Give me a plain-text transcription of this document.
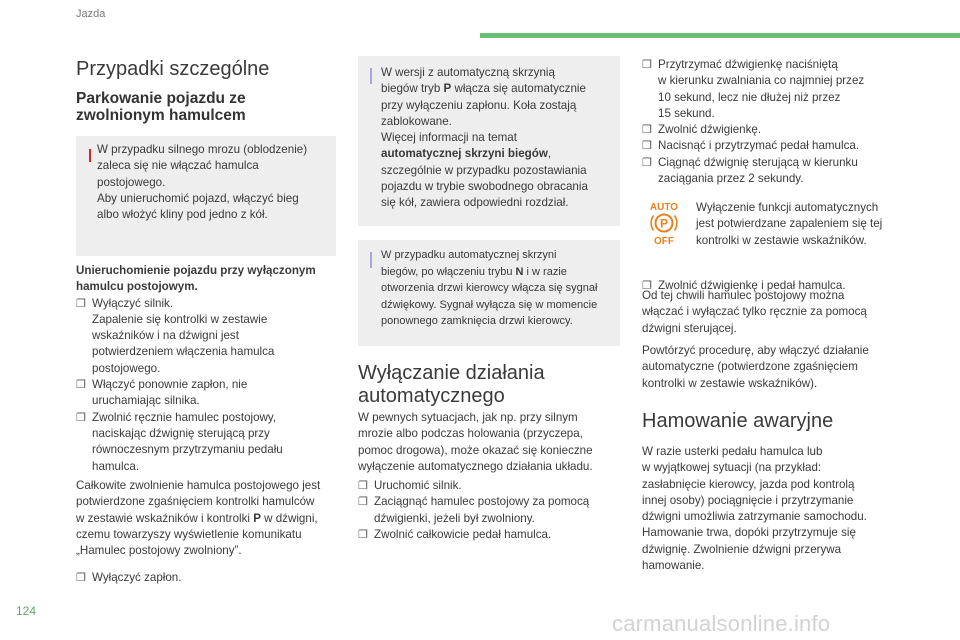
Jazda
Przypadki szczególne
Parkowanie pojazdu ze
zwolnionym hamulcem
W przypadku silnego mrozu (oblodzenie)
zaleca się nie włączać hamulca
postojowego.
Aby unieruchomić pojazd, włączyć bieg
albo włożyć kliny pod jedno z kół.
Unieruchomienie pojazdu przy wyłączonym
hamulcu postojowym.
❐ Wyłączyć silnik.
Zapalenie się kontrolki w zestawie
wskaźników i na dźwigni jest
potwierdzeniem włączenia hamulca
postojowego.
❐ Włączyć ponownie zapłon, nie
uruchamiając silnika.
❐ Zwolnić ręcznie hamulec postojowy,
naciskając dźwignię sterującą przy
równoczesnym przytrzymaniu pedału
hamulca.
Całkowite zwolnienie hamulca postojowego jest
potwierdzone zgaśnięciem kontrolki hamulców
w zestawie wskaźników i kontrolki P w dźwigni,
czemu towarzyszy wyświetlenie komunikatu
„Hamulec postojowy zwolniony”.
❐ Wyłączyć zapłon.
W wersji z automatyczną skrzynią
biegów tryb P włącza się automatycznie
przy wyłączeniu zapłonu. Koła zostają
zablokowane.
Więcej informacji na temat
automatycznej skrzyni biegów,
szczególnie w przypadku pozostawiania
pojazdu w trybie swobodnego obracania
się kół, zawiera odpowiedni rozdział.
W przypadku automatycznej skrzyni
biegów, po włączeniu trybu N i w razie
otworzenia drzwi kierowcy włącza się sygnał
dźwiękowy. Sygnał wyłącza się w momencie
ponownego zamknięcia drzwi kierowcy.
Wyłączanie działania
automatycznego
W pewnych sytuacjach, jak np. przy silnym
mrozie albo podczas holowania (przyczepa,
pomoc drogowa), może okazać się konieczne
wyłączenie automatycznego działania układu.
❐ Uruchomić silnik.
❐ Zaciągnąć hamulec postojowy za pomocą
dźwigienki, jeżeli był zwolniony.
❐ Zwolnić całkowicie pedał hamulca.
❐ Przytrzymać dźwigienkę naciśniętą
w kierunku zwalniania co najmniej przez
10 sekund, lecz nie dłużej niż przez
15 sekund.
❐ Zwolnić dźwigienkę.
❐ Nacisnąć i przytrzymać pedał hamulca.
❐ Ciągnąć dźwignię sterującą w kierunku
zaciągania przez 2 sekundy.
AUTO
P
OFF
Wyłączenie funkcji automatycznych
jest potwierdzane zapaleniem się tej
kontrolki w zestawie wskaźników.
❐ Zwolnić dźwigienkę i pedał hamulca.
Od tej chwili hamulec postojowy można
włączać i wyłączać tylko ręcznie za pomocą
dźwigni sterującej.
Powtórzyć procedurę, aby włączyć działanie
automatyczne (potwierdzone zgaśnięciem
kontrolki w zestawie wskaźników).
Hamowanie awaryjne
W razie usterki pedału hamulca lub
w wyjątkowej sytuacji (na przykład:
zasłabnięcie kierowcy, jazda pod kontrolą
innej osoby) pociągnięcie i przytrzymanie
dźwigni umożliwia zatrzymanie samochodu.
Hamowanie trwa, dopóki przytrzymuje się
dźwignię. Zwolnienie dźwigni przerywa
hamowanie.
124	carmanualsonline.info
